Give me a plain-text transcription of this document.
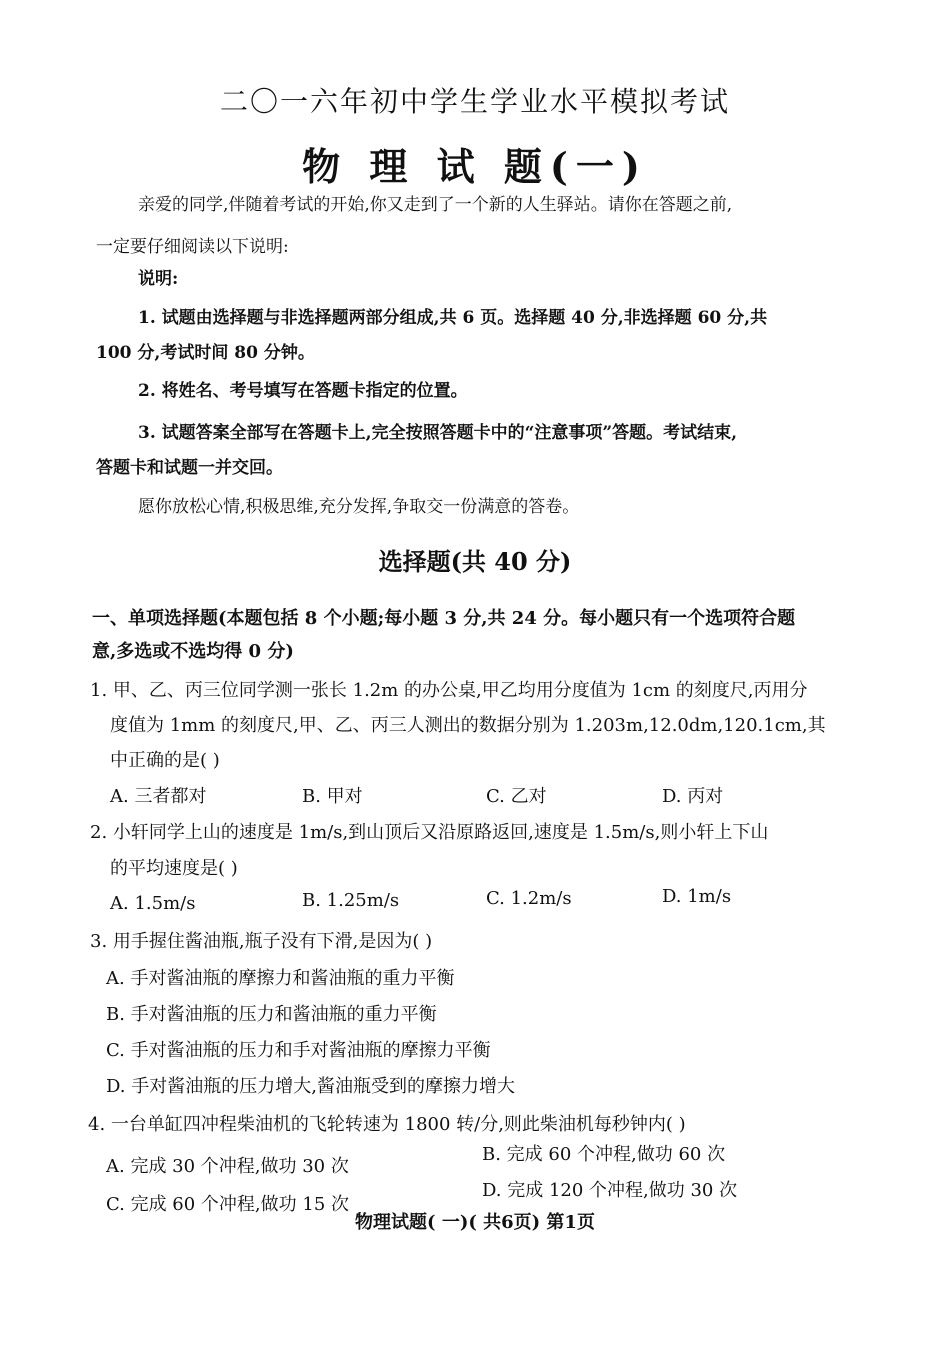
二〇一六年初中学生学业水平模拟考试
物 理 试 题(一)
亲爱的同学,伴随着考试的开始,你又走到了一个新的人生驿站。请你在答题之前,
一定要仔细阅读以下说明:
说明:
1. 试题由选择题与非选择题两部分组成,共 6 页。选择题 40 分,非选择题 60 分,共
100 分,考试时间 80 分钟。
2. 将姓名、考号填写在答题卡指定的位置。
3. 试题答案全部写在答题卡上,完全按照答题卡中的“注意事项”答题。考试结束,
答题卡和试题一并交回。
愿你放松心情,积极思维,充分发挥,争取交一份满意的答卷。
选择题(共 40 分)
一、单项选择题(本题包括 8 个小题;每小题 3 分,共 24 分。每小题只有一个选项符合题
意,多选或不选均得 0 分)
1. 甲、乙、丙三位同学测一张长 1.2m 的办公桌,甲乙均用分度值为 1cm 的刻度尺,丙用分
度值为 1mm 的刻度尺,甲、乙、丙三人测出的数据分别为 1.203m,12.0dm,120.1cm,其
中正确的是( )
A. 三者都对	B. 甲对	C. 乙对	D. 丙对
2. 小轩同学上山的速度是 1m/s,到山顶后又沿原路返回,速度是 1.5m/s,则小轩上下山
的平均速度是( )
A. 1.5m/s	B. 1.25m/s	C. 1.2m/s	D. 1m/s
3. 用手握住酱油瓶,瓶子没有下滑,是因为( )
A. 手对酱油瓶的摩擦力和酱油瓶的重力平衡
B. 手对酱油瓶的压力和酱油瓶的重力平衡
C. 手对酱油瓶的压力和手对酱油瓶的摩擦力平衡
D. 手对酱油瓶的压力增大,酱油瓶受到的摩擦力增大
4. 一台单缸四冲程柴油机的飞轮转速为 1800 转/分,则此柴油机每秒钟内( )
A. 完成 30 个冲程,做功 30 次
B. 完成 60 个冲程,做功 60 次
C. 完成 60 个冲程,做功 15 次
D. 完成 120 个冲程,做功 30 次
物理试题( 一)( 共6页) 第1页
